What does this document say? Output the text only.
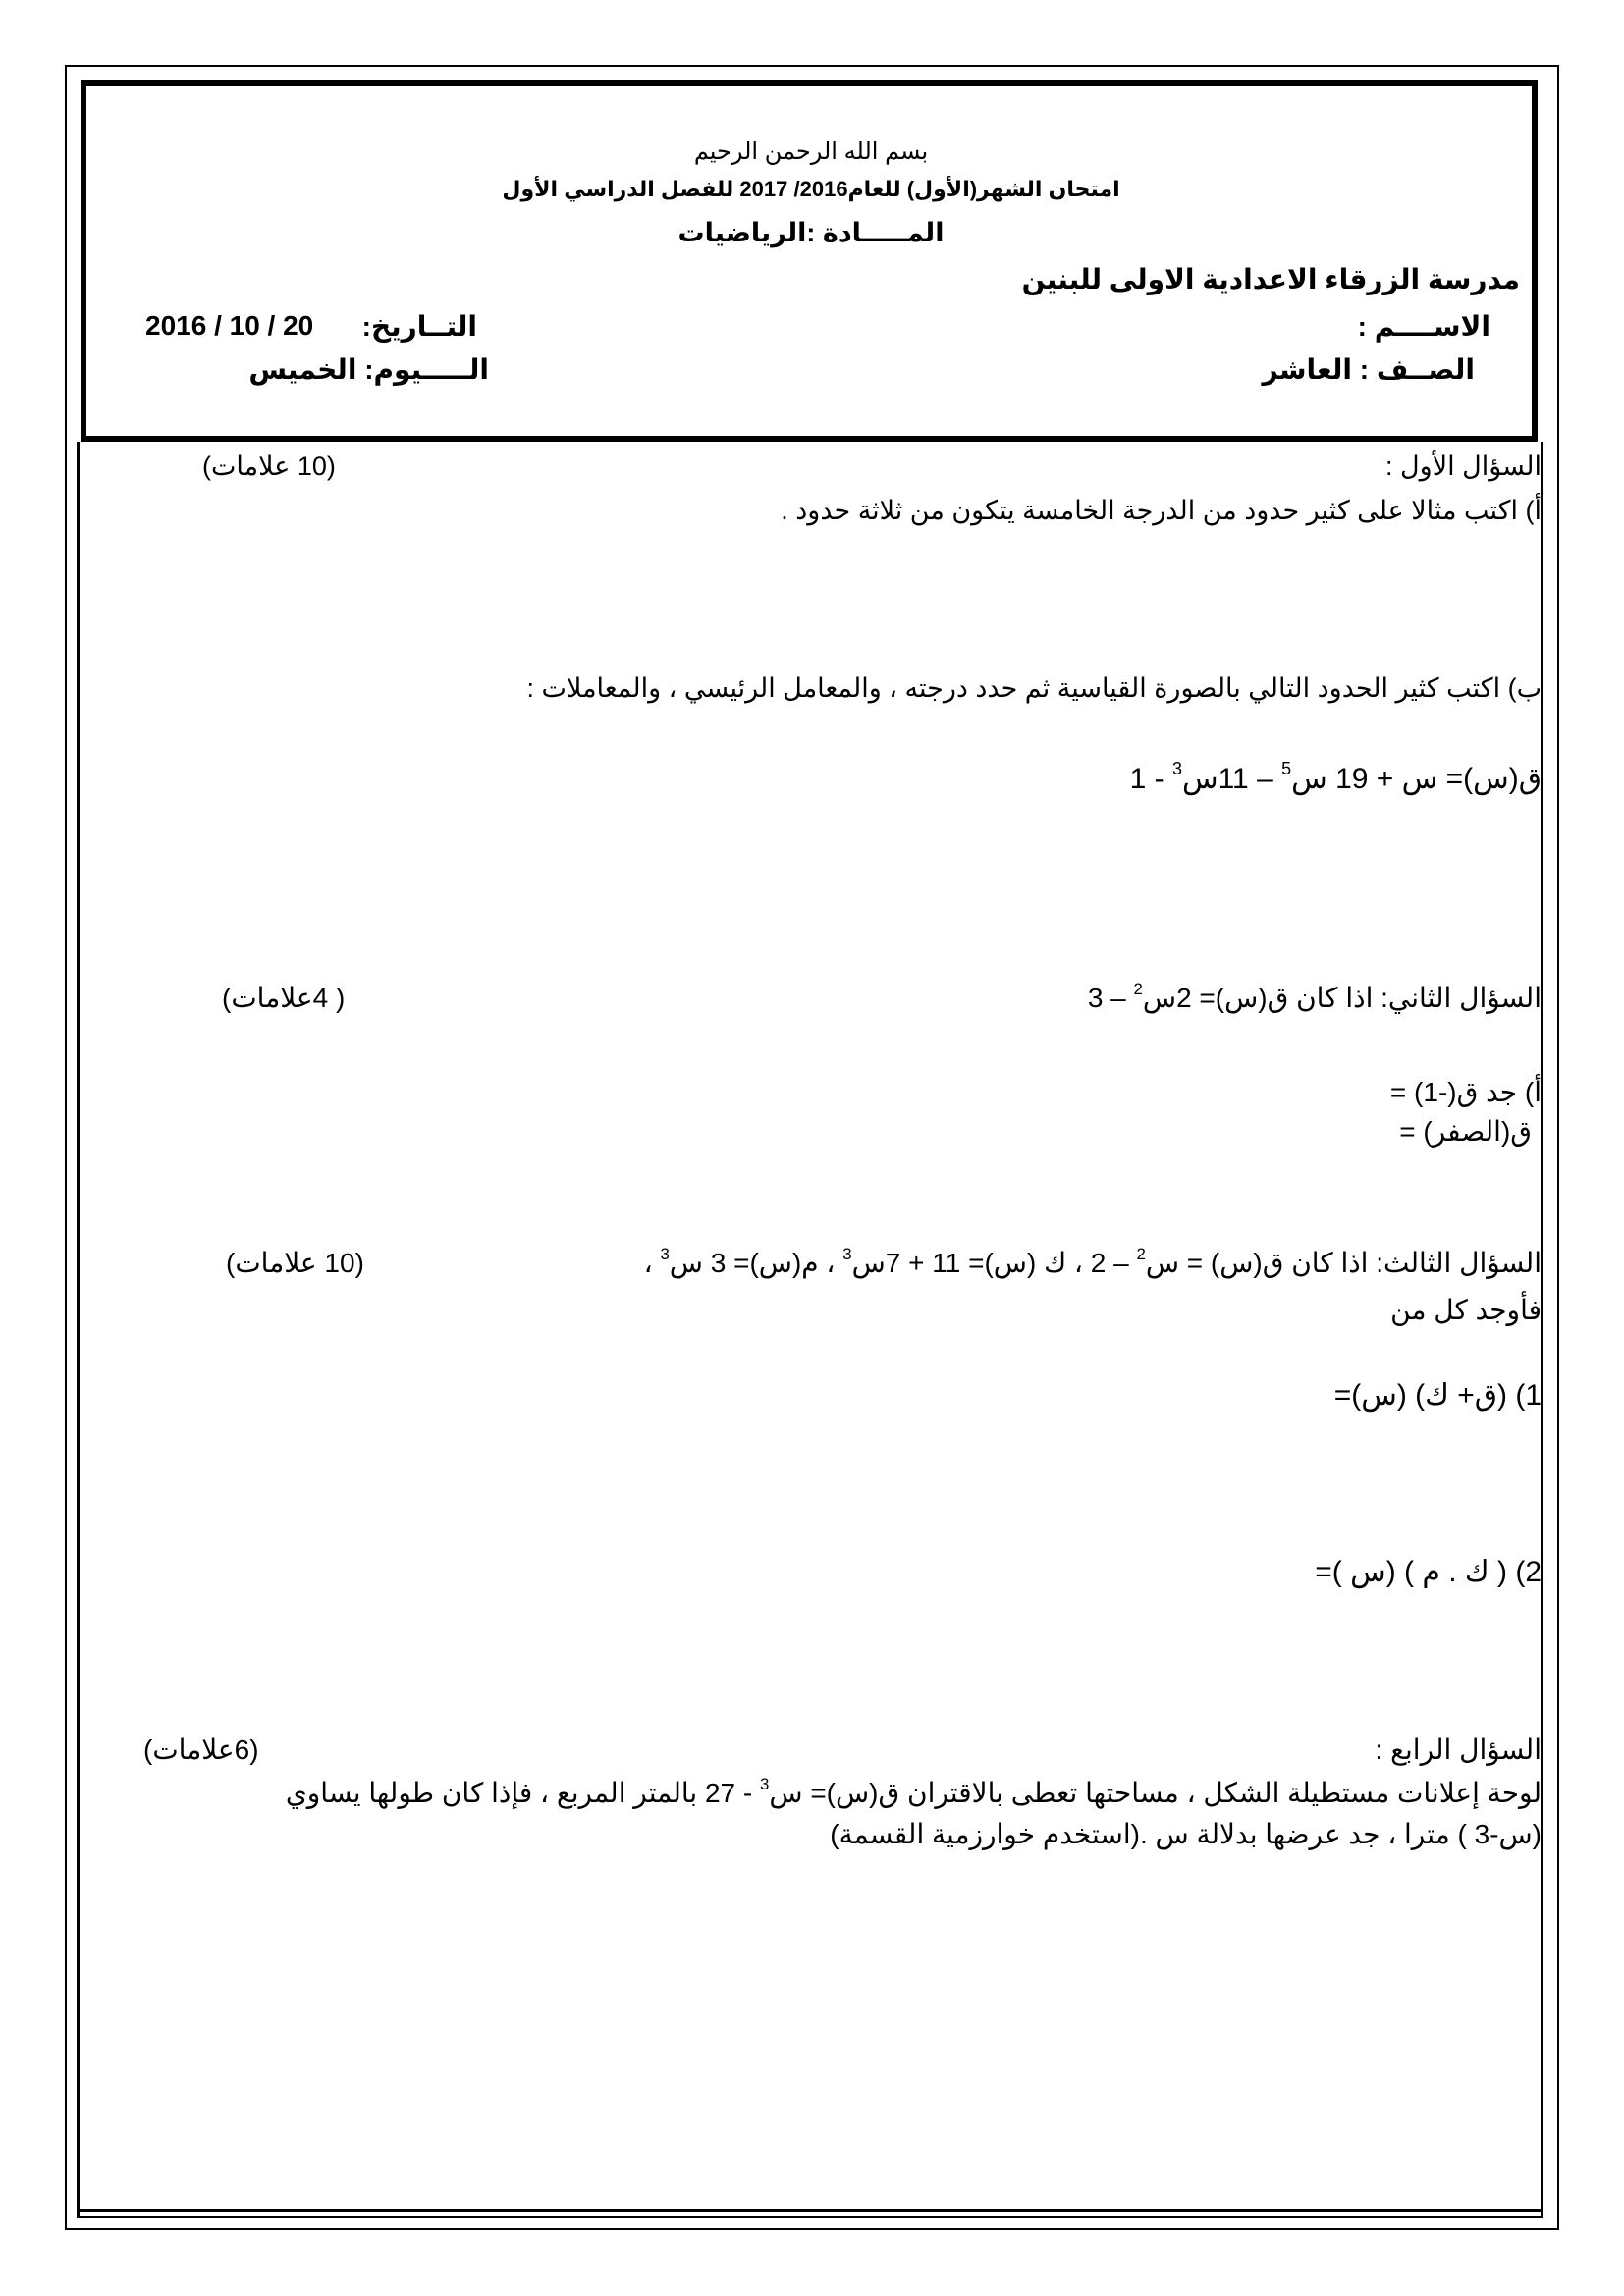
بسم الله الرحمن الرحيم
امتحان الشهر(الأول) للعام2016/ 2017 للفصل الدراسي الأول
المـــــادة :الرياضيات
مدرسة الزرقاء الاعدادية الاولى للبنين
الاســــم :
الصــف : العاشر
التــاريخ:
2016 / 10 / 20
الـــــيوم: الخميس
السؤال الأول :
(10 علامات)
أ) اكتب مثالا على كثير حدود من الدرجة الخامسة يتكون من ثلاثة حدود .
ب) اكتب كثير الحدود التالي بالصورة القياسية ثم حدد درجته ، والمعامل الرئيسي ، والمعاملات :
ق(س)= س + 19 س$^5$ – 11س$^3$ - 1
السؤال الثاني: اذا كان ق(س)= 2س$^2$ – 3
( 4علامات)
أ) جد ق(-1) =
ق(الصفر) =
السؤال الثالث: اذا كان ق(س) = س$^2$ – 2 ، ك (س)= 11 + 7س$^3$ ، م(س)= 3 س$^3$ ،
(10 علامات)
فأوجد كل من
1) (ق+ ك) (س)=
2) ( ك . م ) (س )=
السؤال الرابع :
(6علامات)
لوحة إعلانات مستطيلة الشكل ، مساحتها تعطى بالاقتران ق(س)= س$^3$ - 27 بالمتر المربع ، فإذا كان طولها يساوي
(س-3 ) مترا ، جد عرضها بدلالة س .(استخدم خوارزمية القسمة)
